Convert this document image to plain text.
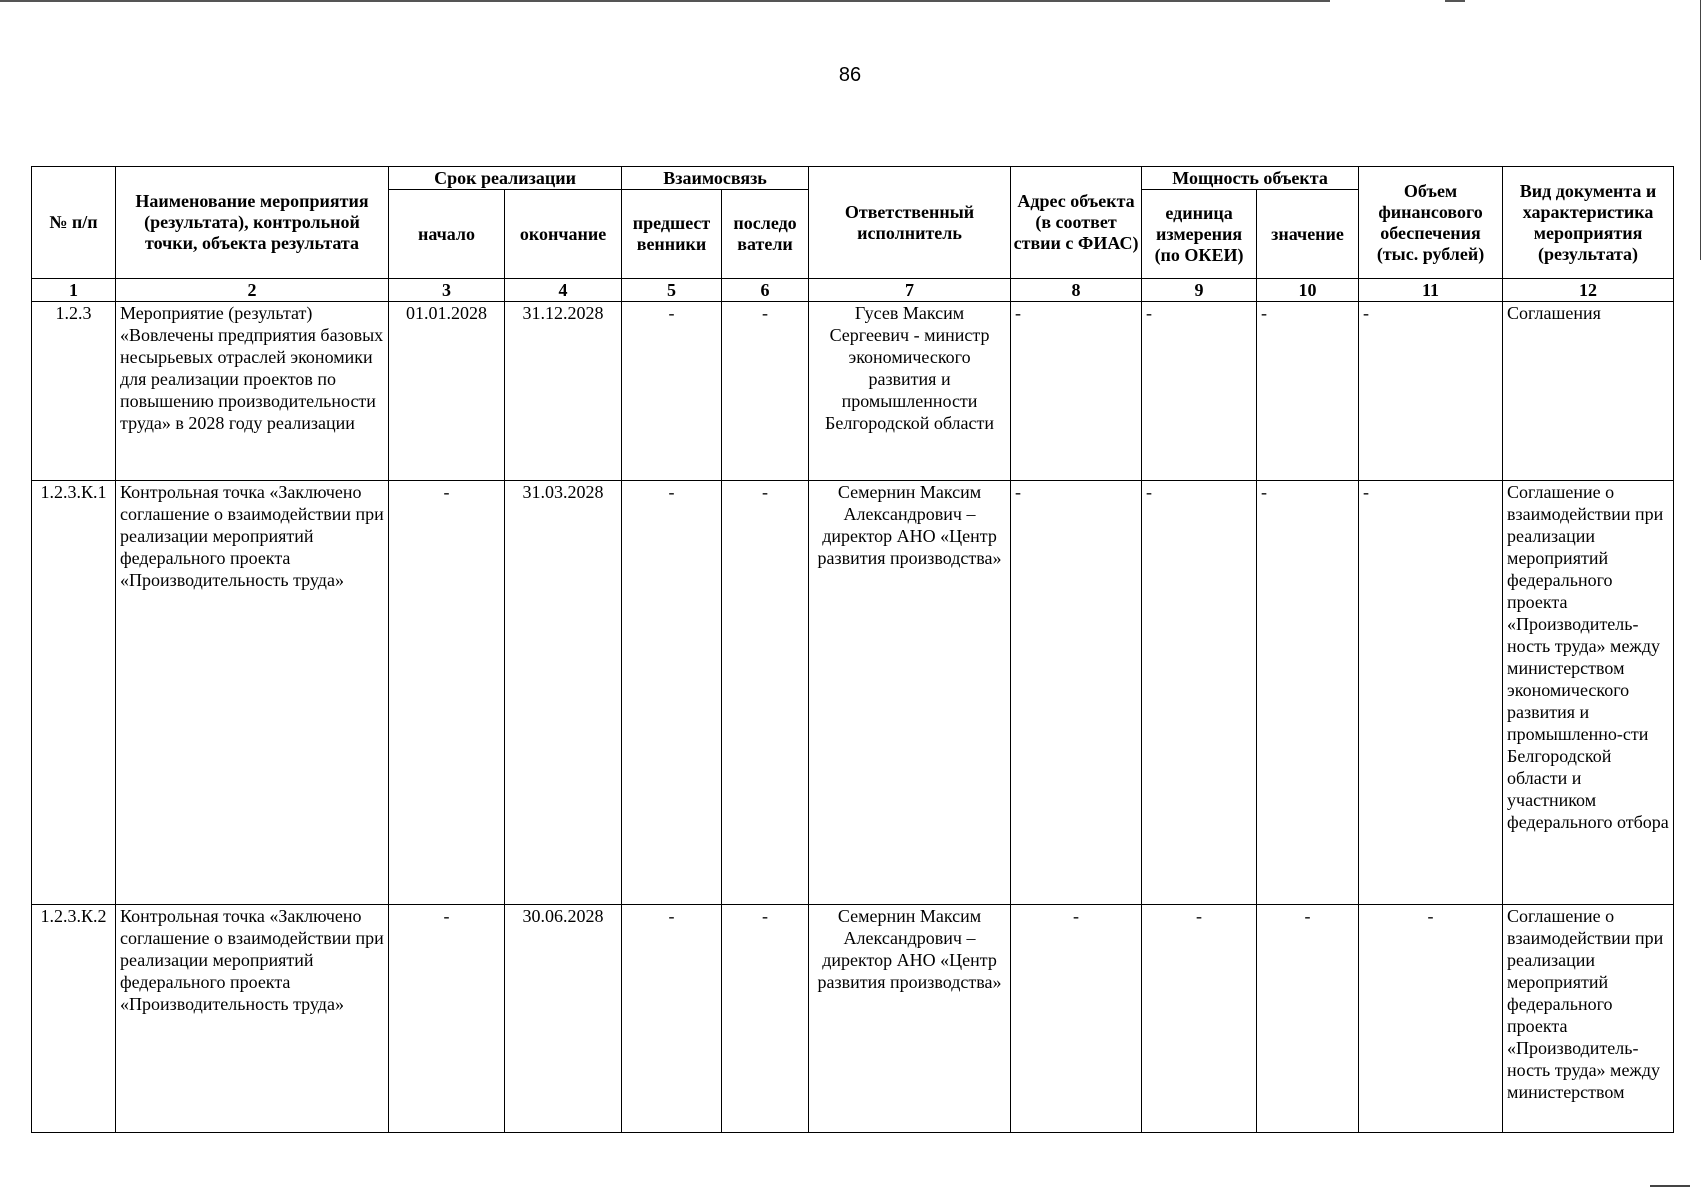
86
№ п/п	Наименование мероприятия (результата), контрольной точки, объекта результата	Срок реализации		Взаимосвязь		Ответственный исполнитель	Адрес объекта (в соответ ствии с ФИАС)	Мощность объекта		Объем финансового обеспечения (тыс. рублей)	Вид документа и характеристика мероприятия (результата)
		начало	окончание	предшест венники	последо ватели			единица измерения (по ОКЕИ)	значение		
1	2	3	4	5	6	7	8	9	10	11	12
1.2.3	Мероприятие (результат) «Вовлечены предприятия базовых несырьевых отраслей экономики для реализации проектов по повышению производительности труда» в 2028 году реализации	01.01.2028	31.12.2028	-	-	Гусев Максим Сергеевич - министр экономического развития и промышленности Белгородской области	-	-	-	-	Соглашения
1.2.3.К.1	Контрольная точка «Заключено соглашение о взаимодействии при реализации мероприятий федерального проекта «Производительность труда»	-	31.03.2028	-	-	Семернин Максим Александрович – директор АНО «Центр развития производства»	-	-	-	-	Соглашение о взаимодействии при реализации мероприятий федерального проекта «Производитель-ность труда» между министерством экономического развития и промышленно-сти Белгородской области и участником федерального отбора
1.2.3.К.2	Контрольная точка «Заключено соглашение о взаимодействии при реализации мероприятий федерального проекта «Производительность труда»	-	30.06.2028	-	-	Семернин Максим Александрович – директор АНО «Центр развития производства»	-	-	-	-	Соглашение о взаимодействии при реализации мероприятий федерального проекта «Производитель-ность труда» между министерством
